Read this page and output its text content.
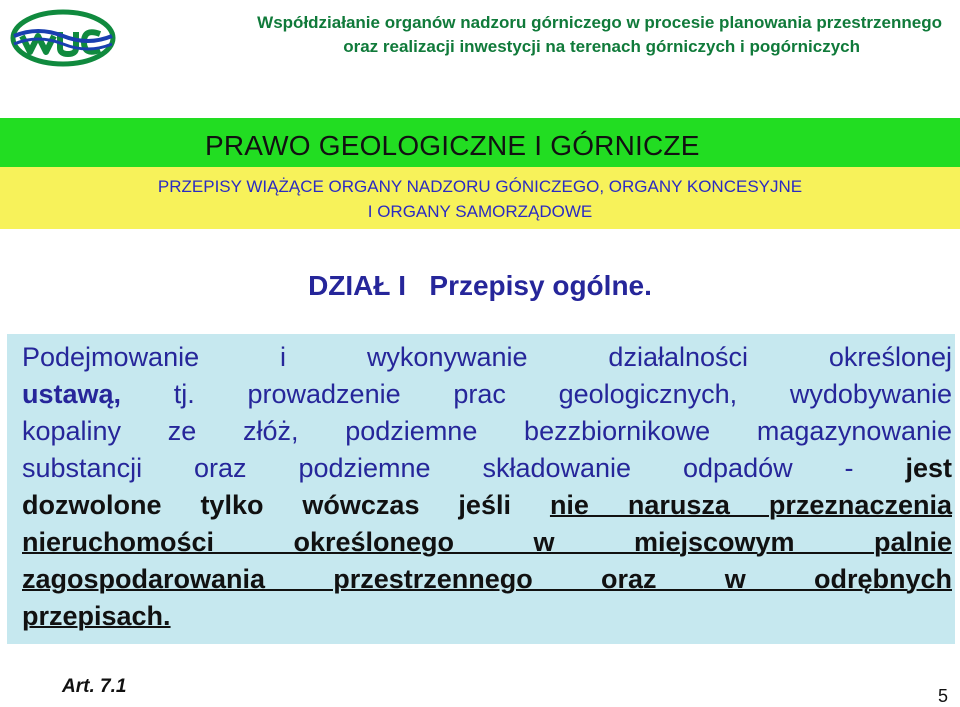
Współdziałanie organów nadzoru górniczego w procesie planowania przestrzennego
oraz realizacji inwestycji na terenach górniczych i pogórniczych
PRAWO GEOLOGICZNE I GÓRNICZE
PRZEPISY WIĄŻĄCE ORGANY NADZORU GÓNICZEGO, ORGANY KONCESYJNE
I ORGANY SAMORZĄDOWE
DZIAŁ I   Przepisy ogólne.
Podejmowanie i wykonywanie działalności określonej
ustawą, tj. prowadzenie prac geologicznych, wydobywanie
kopaliny ze złóż, podziemne bezzbiornikowe magazynowanie
substancji oraz podziemne składowanie odpadów - jest
dozwolone tylko wówczas jeśli nie narusza przeznaczenia
nieruchomości określonego w miejscowym palnie
zagospodarowania przestrzennego oraz w odrębnych
przepisach.
Art. 7.1	5
